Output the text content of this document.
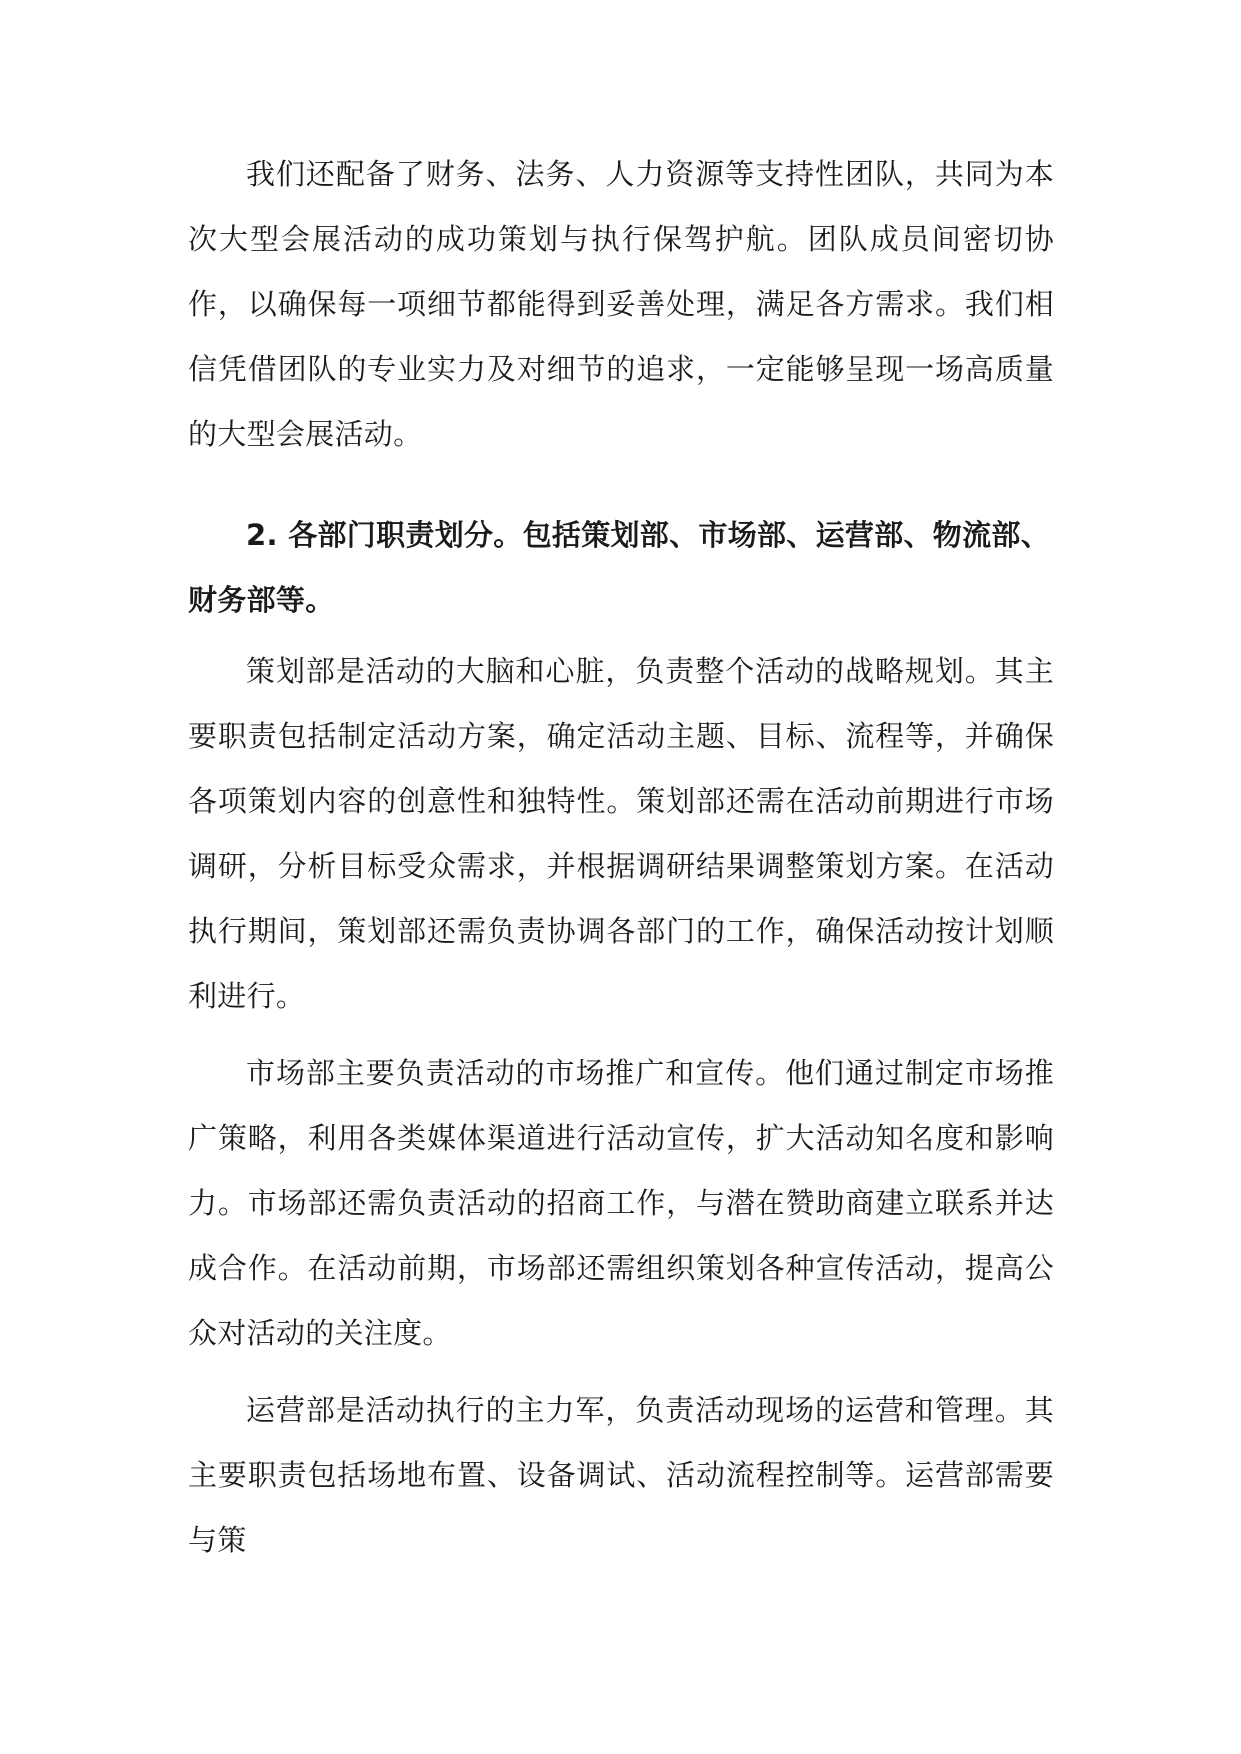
我们还配备了财务、法务、人力资源等支持性团队，共同为本次大型会展活动的成功策划与执行保驾护航。团队成员间密切协作，以确保每一项细节都能得到妥善处理，满足各方需求。我们相信凭借团队的专业实力及对细节的追求，一定能够呈现一场高质量的大型会展活动。

2. 各部门职责划分。包括策划部、市场部、运营部、物流部、财务部等。

策划部是活动的大脑和心脏，负责整个活动的战略规划。其主要职责包括制定活动方案，确定活动主题、目标、流程等，并确保各项策划内容的创意性和独特性。策划部还需在活动前期进行市场调研，分析目标受众需求，并根据调研结果调整策划方案。在活动执行期间，策划部还需负责协调各部门的工作，确保活动按计划顺利进行。

市场部主要负责活动的市场推广和宣传。他们通过制定市场推广策略，利用各类媒体渠道进行活动宣传，扩大活动知名度和影响力。市场部还需负责活动的招商工作，与潜在赞助商建立联系并达成合作。在活动前期，市场部还需组织策划各种宣传活动，提高公众对活动的关注度。

运营部是活动执行的主力军，负责活动现场的运营和管理。其主要职责包括场地布置、设备调试、活动流程控制等。运营部需要与策
